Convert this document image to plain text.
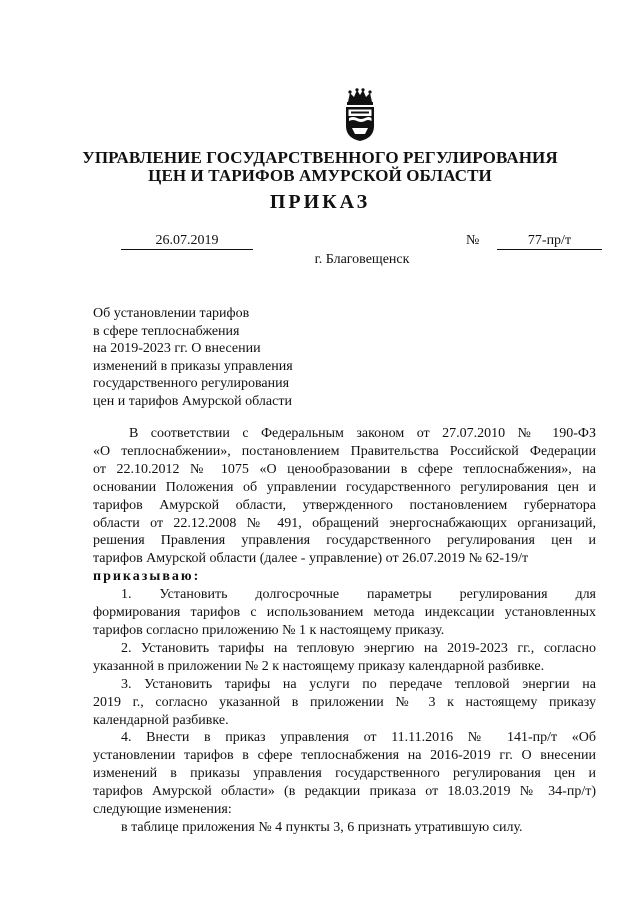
УПРАВЛЕНИЕ ГОСУДАРСТВЕННОГО РЕГУЛИРОВАНИЯ
ЦЕН И ТАРИФОВ АМУРСКОЙ ОБЛАСТИ
ПРИКАЗ
26.07.2019	№	77-пр/т
г. Благовещенск
Об установлении тарифов
в сфере теплоснабжения
на 2019-2023 гг. О внесении
изменений в приказы управления
государственного регулирования
цен и тарифов Амурской области
В соответствии с Федеральным законом от 27.07.2010 № 190-ФЗ
«О теплоснабжении», постановлением Правительства Российской Федерации
от 22.10.2012 № 1075 «О ценообразовании в сфере теплоснабжения», на
основании Положения об управлении государственного регулирования цен и
тарифов Амурской области, утвержденного постановлением губернатора
области от 22.12.2008 № 491, обращений энергоснабжающих организаций,
решения Правления управления государственного регулирования цен и
тарифов Амурской области (далее - управление) от 26.07.2019 № 62-19/т
приказываю:
1. Установить долгосрочные параметры регулирования для
формирования тарифов с использованием метода индексации установленных
тарифов согласно приложению № 1 к настоящему приказу.
2. Установить тарифы на тепловую энергию на 2019-2023 гг., согласно
указанной в приложении № 2 к настоящему приказу календарной разбивке.
3. Установить тарифы на услуги по передаче тепловой энергии на
2019 г., согласно указанной в приложении № 3 к настоящему приказу
календарной разбивке.
4. Внести в приказ управления от 11.11.2016 № 141-пр/т «Об
установлении тарифов в сфере теплоснабжения на 2016-2019 гг. О внесении
изменений в приказы управления государственного регулирования цен и
тарифов Амурской области» (в редакции приказа от 18.03.2019 № 34-пр/т)
следующие изменения:
в таблице приложения № 4 пункты 3, 6 признать утратившую силу.
